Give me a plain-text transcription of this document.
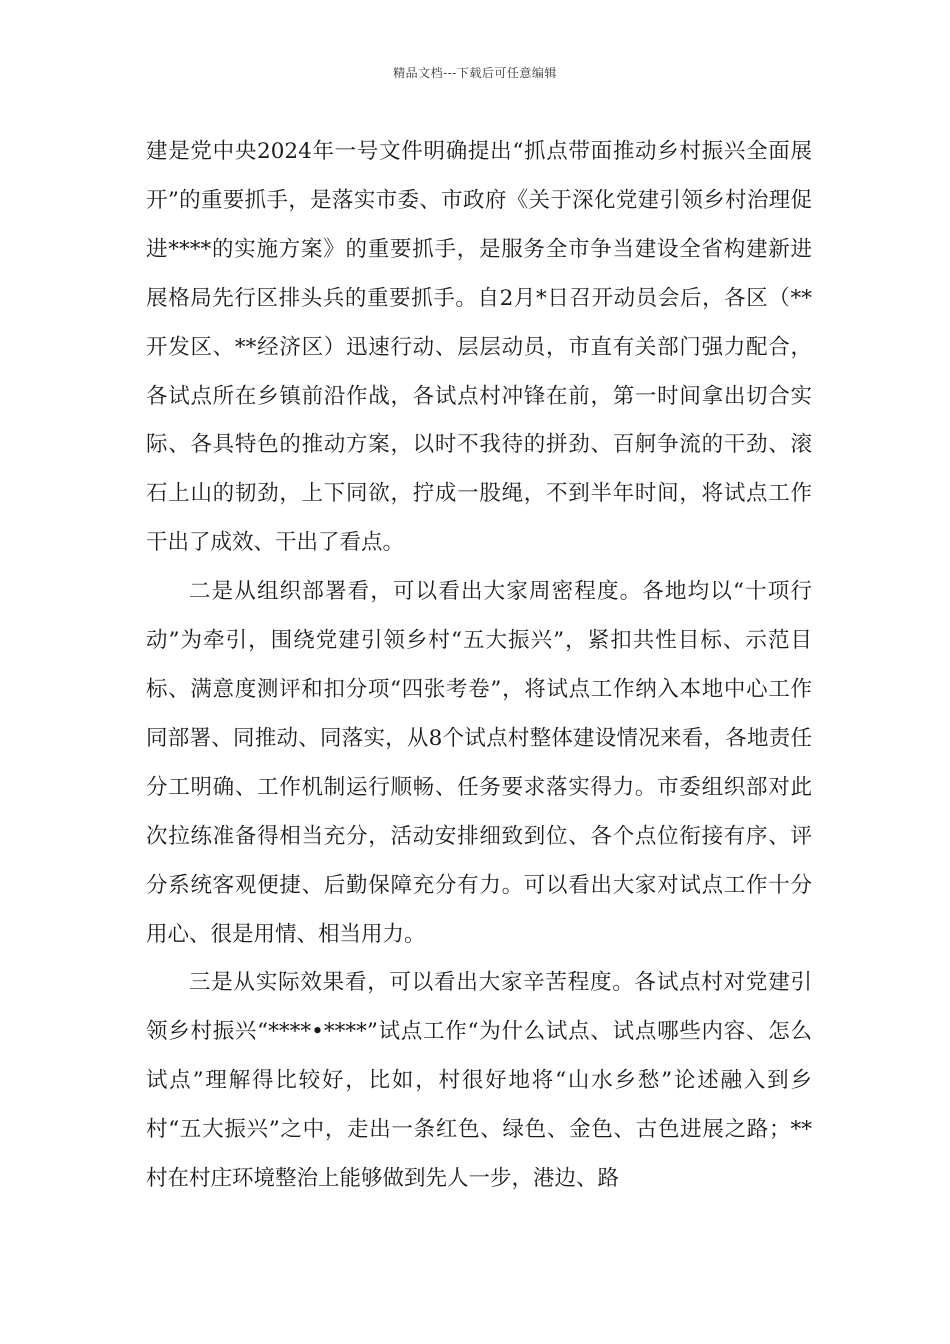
精品文档---下载后可任意编辑

建是党中央2024年一号文件明确提出“抓点带面推动乡村振兴全面展开”的重要抓手，是落实市委、市政府《关于深化党建引领乡村治理促进****的实施方案》的重要抓手，是服务全市争当建设全省构建新进展格局先行区排头兵的重要抓手。自2月*日召开动员会后，各区（**开发区、**经济区）迅速行动、层层动员，市直有关部门强力配合，各试点所在乡镇前沿作战，各试点村冲锋在前，第一时间拿出切合实际、各具特色的推动方案，以时不我待的拼劲、百舸争流的干劲、滚石上山的韧劲，上下同欲，拧成一股绳，不到半年时间，将试点工作干出了成效、干出了看点。

二是从组织部署看，可以看出大家周密程度。各地均以“十项行动”为牵引，围绕党建引领乡村“五大振兴”，紧扣共性目标、示范目标、满意度测评和扣分项“四张考卷”，将试点工作纳入本地中心工作同部署、同推动、同落实，从8个试点村整体建设情况来看，各地责任分工明确、工作机制运行顺畅、任务要求落实得力。市委组织部对此次拉练准备得相当充分，活动安排细致到位、各个点位衔接有序、评分系统客观便捷、后勤保障充分有力。可以看出大家对试点工作十分用心、很是用情、相当用力。

三是从实际效果看，可以看出大家辛苦程度。各试点村对党建引领乡村振兴“****•****”试点工作“为什么试点、试点哪些内容、怎么试点”理解得比较好，比如，村很好地将“山水乡愁”论述融入到乡村“五大振兴”之中，走出一条红色、绿色、金色、古色进展之路；**村在村庄环境整治上能够做到先人一步，港边、路
